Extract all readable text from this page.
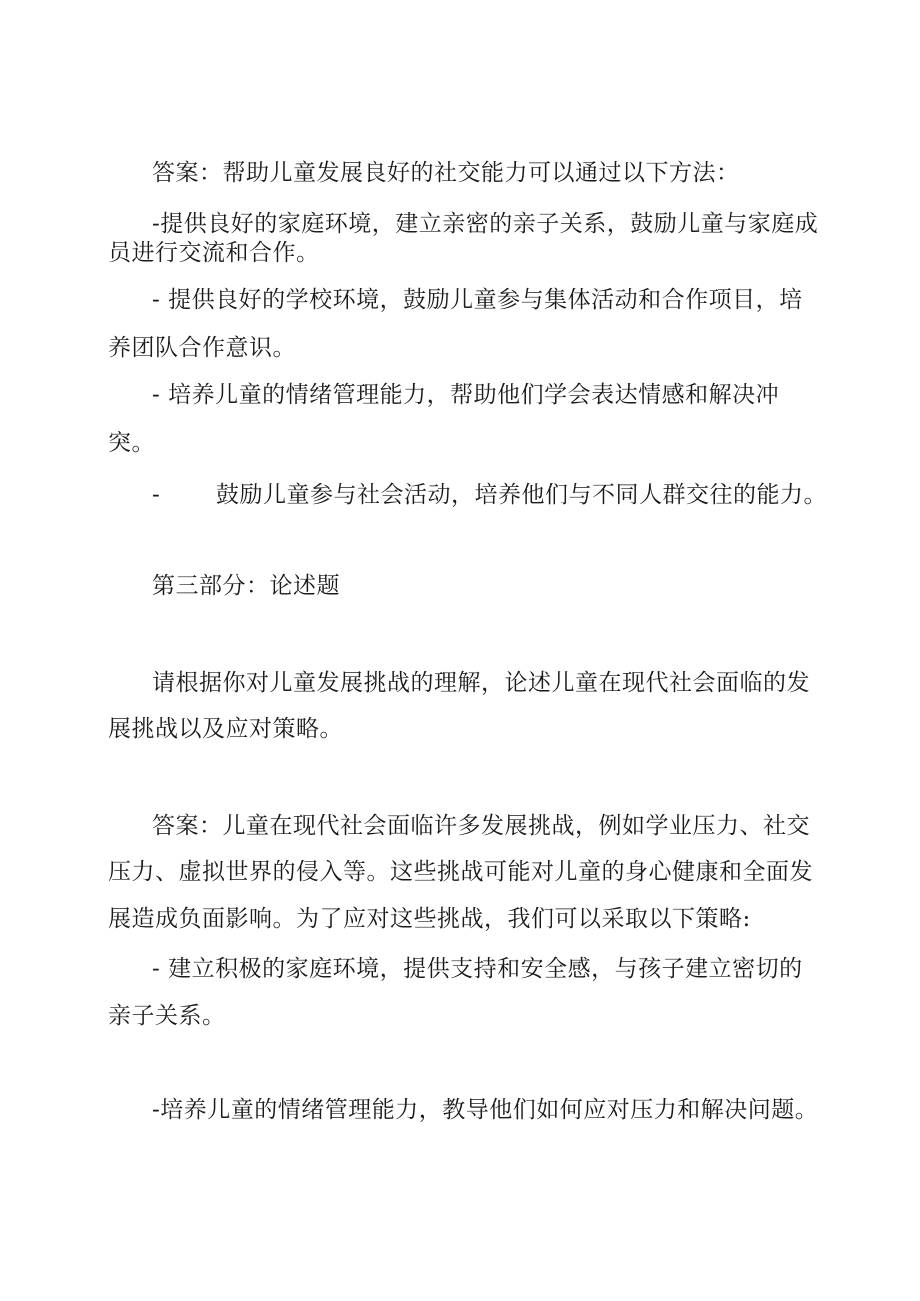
答案：帮助儿童发展良好的社交能力可以通过以下方法：
-提供良好的家庭环境，建立亲密的亲子关系，鼓励儿童与家庭成
员进行交流和合作。
- 提供良好的学校环境，鼓励儿童参与集体活动和合作项目，培
养团队合作意识。
- 培养儿童的情绪管理能力，帮助他们学会表达情感和解决冲
突。
- 鼓励儿童参与社会活动，培养他们与不同人群交往的能力。
第三部分：论述题
请根据你对儿童发展挑战的理解，论述儿童在现代社会面临的发
展挑战以及应对策略。
答案：儿童在现代社会面临许多发展挑战，例如学业压力、社交
压力、虚拟世界的侵入等。这些挑战可能对儿童的身心健康和全面发
展造成负面影响。为了应对这些挑战，我们可以采取以下策略:
- 建立积极的家庭环境，提供支持和安全感，与孩子建立密切的
亲子关系。
-培养儿童的情绪管理能力，教导他们如何应对压力和解决问题。
